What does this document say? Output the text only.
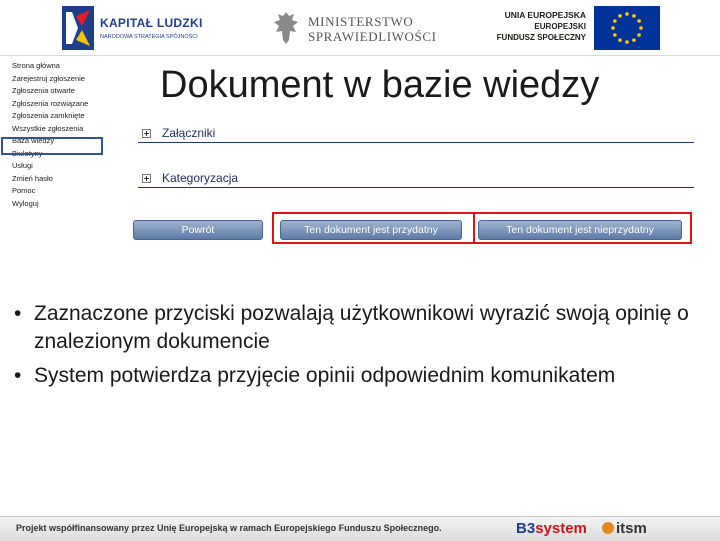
KAPITAŁ LUDZKI
NARODOWA STRATEGIA SPÓJNOŚCI
MINISTERSTWO
SPRAWIEDLIWOŚCI
UNIA EUROPEJSKA
EUROPEJSKI
FUNDUSZ SPOŁECZNY
Strona główna
Zarejestruj zgłoszenie
Zgłoszenia otwarte
Zgłoszenia rozwiązane
Zgłoszenia zamknięte
Wszystkie zgłoszenia
Baza wiedzy
Biuletyny
Usługi
Zmień hasło
Pomoc
Wyloguj
Dokument w bazie wiedzy
Załączniki
Kategoryzacja
Powrót	Ten dokument jest przydatny	Ten dokument jest nieprzydatny
• Zaznaczone przyciski pozwalają użytkownikowi wyrazić swoją opinię o znalezionym dokumencie
• System potwierdza przyjęcie opinii odpowiednim komunikatem
Projekt współfinansowany przez Unię Europejską w ramach Europejskiego Funduszu Społecznego.	B3system	itsm
